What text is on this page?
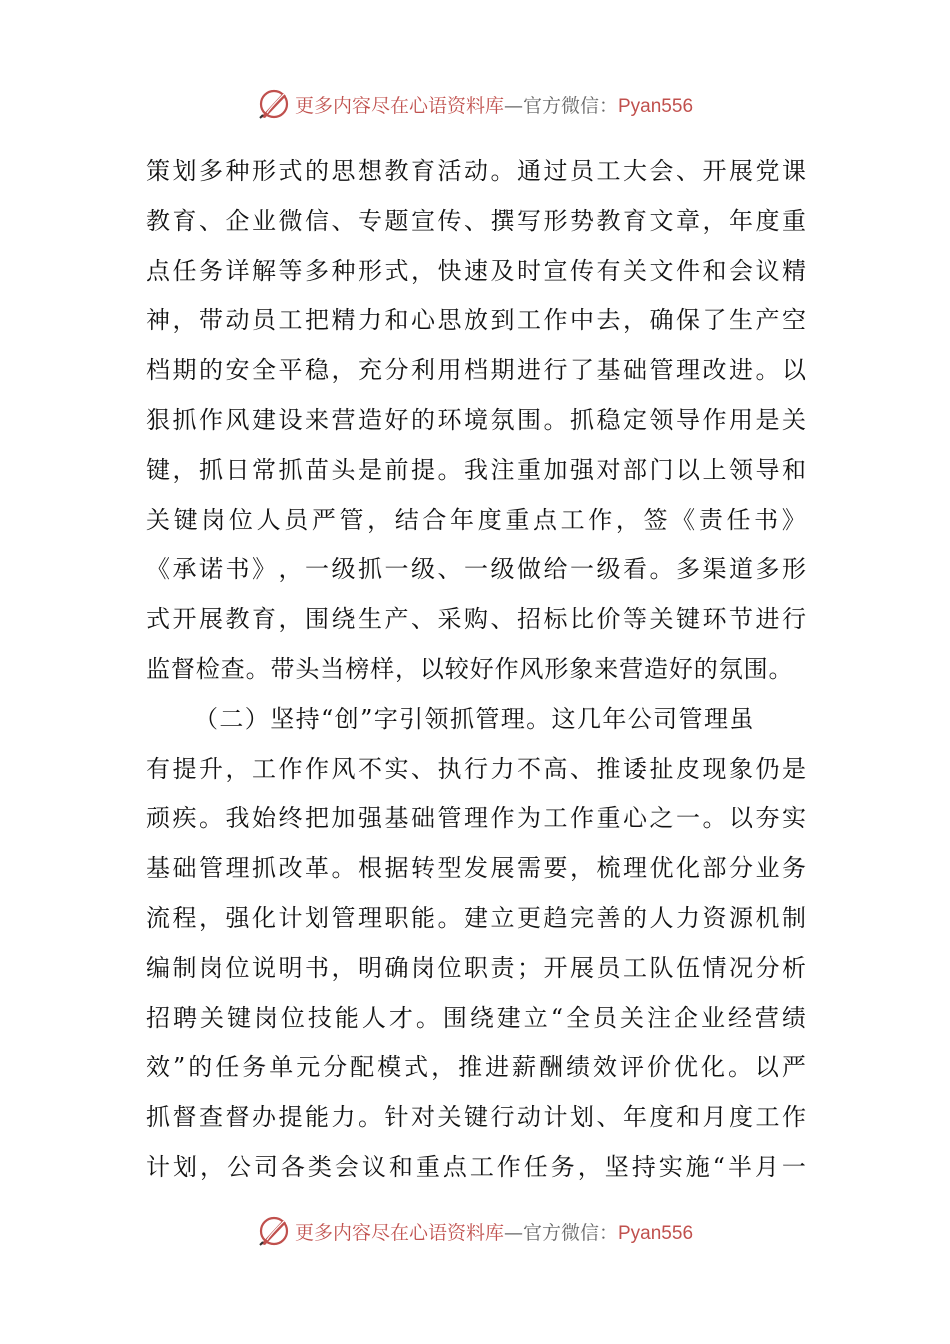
更多内容尽在心语资料库—官方微信：Pyan556
策 划 多 种 形 式 的 思 想 教 育 活 动 。 通 过 员 工 大 会 、 开 展 党 课
教 育 、 企 业 微 信 、 专 题 宣 传 、 撰 写 形 势 教 育 文 章 ， 年 度 重
点 任 务 详 解 等 多 种 形 式 ， 快 速 及 时 宣 传 有 关 文 件 和 会 议 精
神 ， 带 动 员 工 把 精 力 和 心 思 放 到 工 作 中 去 ， 确 保 了 生 产 空
档 期 的 安 全 平 稳 ， 充 分 利 用 档 期 进 行 了 基 础 管 理 改 进 。 以
狠 抓 作 风 建 设 来 营 造 好 的 环 境 氛 围 。 抓 稳 定 领 导 作 用 是 关
键 ， 抓 日 常 抓 苗 头 是 前 提 。 我 注 重 加 强 对 部 门 以 上 领 导 和
关 键 岗 位 人 员 严 管 ， 结 合 年 度 重 点 工 作 ， 签 《 责 任 书 》
《 承 诺 书 》 ， 一 级 抓 一 级 、 一 级 做 给 一 级 看 。 多 渠 道 多 形
式 开 展 教 育 ， 围 绕 生 产 、 采 购 、 招 标 比 价 等 关 键 环 节 进 行
监督检查。带头当榜样，以较好作风形象来营造好的氛围。
（二）坚持“创”字引领抓管理。这几年公司管理虽
有 提 升 ， 工 作 作 风 不 实 、 执 行 力 不 高 、 推 诿 扯 皮 现 象 仍 是
顽 疾 。 我 始 终 把 加 强 基 础 管 理 作 为 工 作 重 心 之 一 。 以 夯 实
基 础 管 理 抓 改 革 。 根 据 转 型 发 展 需 要 ， 梳 理 优 化 部 分 业 务
流 程 ， 强 化 计 划 管 理 职 能 。 建 立 更 趋 完 善 的 人 力 资 源 机 制
编 制 岗 位 说 明 书 ， 明 确 岗 位 职 责 ； 开 展 员 工 队 伍 情 况 分 析
招 聘 关 键 岗 位 技 能 人 才 。 围 绕 建 立 “ 全 员 关 注 企 业 经 营 绩
效 ” 的 任 务 单 元 分 配 模 式 ， 推 进 薪 酬 绩 效 评 价 优 化 。 以 严
抓 督 查 督 办 提 能 力 。 针 对 关 键 行 动 计 划 、 年 度 和 月 度 工 作
计 划 ， 公 司 各 类 会 议 和 重 点 工 作 任 务 ， 坚 持 实 施 “ 半 月 一
更多内容尽在心语资料库—官方微信：Pyan556
